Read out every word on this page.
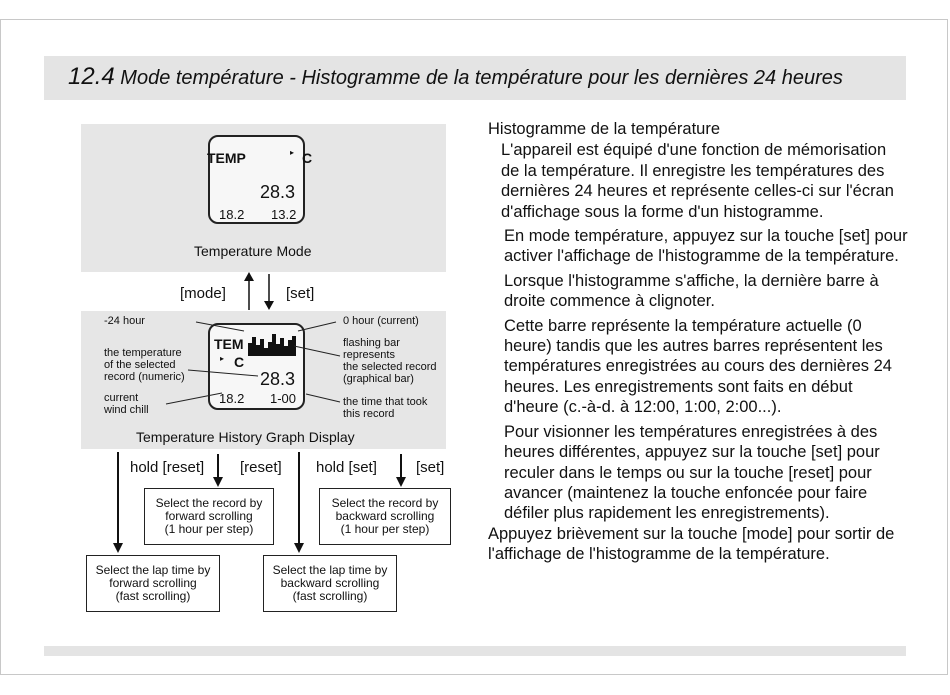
12.4 Mode température - Histogramme de la température pour les dernières 24 heures
TEMP	▸ C
28.3
18.2 13.2
Temperature Mode
[mode]	[set]
TEM
▸ C
28.3
18.2 1-00
Temperature History Graph Display
-24 hour
the temperature
of the selected
record (numeric)
current
wind chill
0 hour (current)
flashing bar
represents
the selected record
(graphical bar)
the time that took
this record
hold [reset] [reset] hold [set]	[set]
Select the record by
forward scrolling
(1 hour per step)
Select the record by
backward scrolling
(1 hour per step)
Select the lap time by
forward scrolling
(fast scrolling)
Select the lap time by
backward scrolling
(fast scrolling)

Histogramme de la température

L'appareil est équipé d'une fonction de mémorisation de la température. Il enregistre les températures des dernières 24 heures et représente celles-ci sur l'écran d'affichage sous la forme d'un histogramme.

En mode température, appuyez sur la touche [set] pour activer l'affichage de l'histogramme de la température.

Lorsque l'histogramme s'affiche, la dernière barre à droite commence à clignoter.

Cette barre représente la température actuelle (0 heure) tandis que les autres barres représentent les températures enregistrées au cours des dernières 24 heures. Les enregistrements sont faits en début d'heure (c.-à-d. à 12:00, 1:00, 2:00...).

Pour visionner les températures enregistrées à des heures différentes, appuyez sur la touche [set] pour reculer dans le temps ou sur la touche [reset] pour avancer (maintenez la touche enfoncée pour faire défiler plus rapidement les enregistrements).

Appuyez brièvement sur la touche [mode] pour sortir de l'affichage de l'histogramme de la température.
